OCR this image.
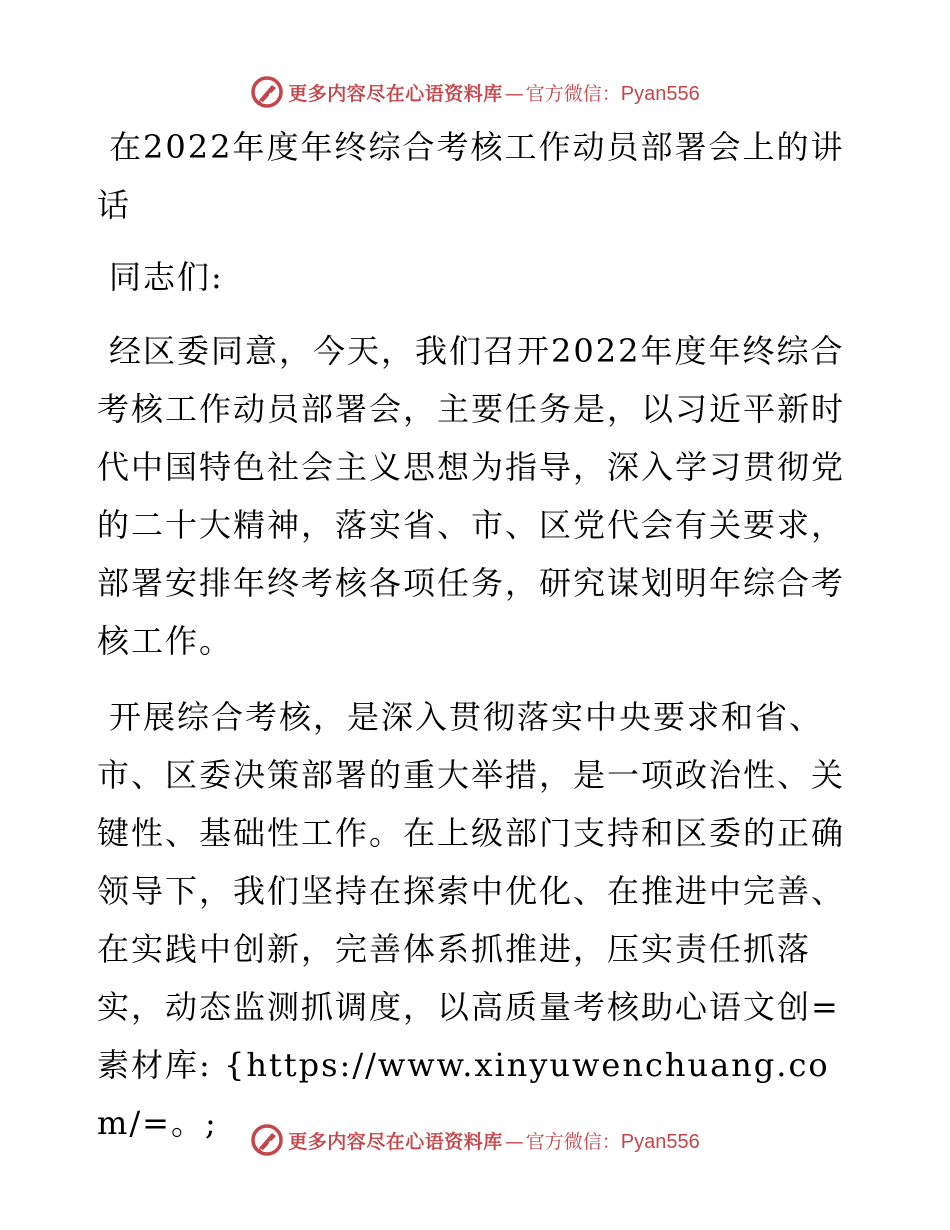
更多内容尽在心语资料库 — 官方微信： Pyan556

在2022年度年终综合考核工作动员部署会上的讲话

同志们:

经区委同意，今天，我们召开2022年度年终综合考核工作动员部署会，主要任务是，以习近平新时代中国特色社会主义思想为指导，深入学习贯彻党的二十大精神，落实省、市、区党代会有关要求，部署安排年终考核各项任务，研究谋划明年综合考核工作。

开展综合考核，是深入贯彻落实中央要求和省、市、区委决策部署的重大举措，是一项政治性、关键性、基础性工作。在上级部门支持和区委的正确领导下，我们坚持在探索中优化、在推进中完善、在实践中创新，完善体系抓推进，压实责任抓落实，动态监测抓调度，以高质量考核助心语文创=素材库: {https://www.xinyuwenchuang.com/=。;	更多内容尽在心语资料库 — 官方微信： Pyan556
